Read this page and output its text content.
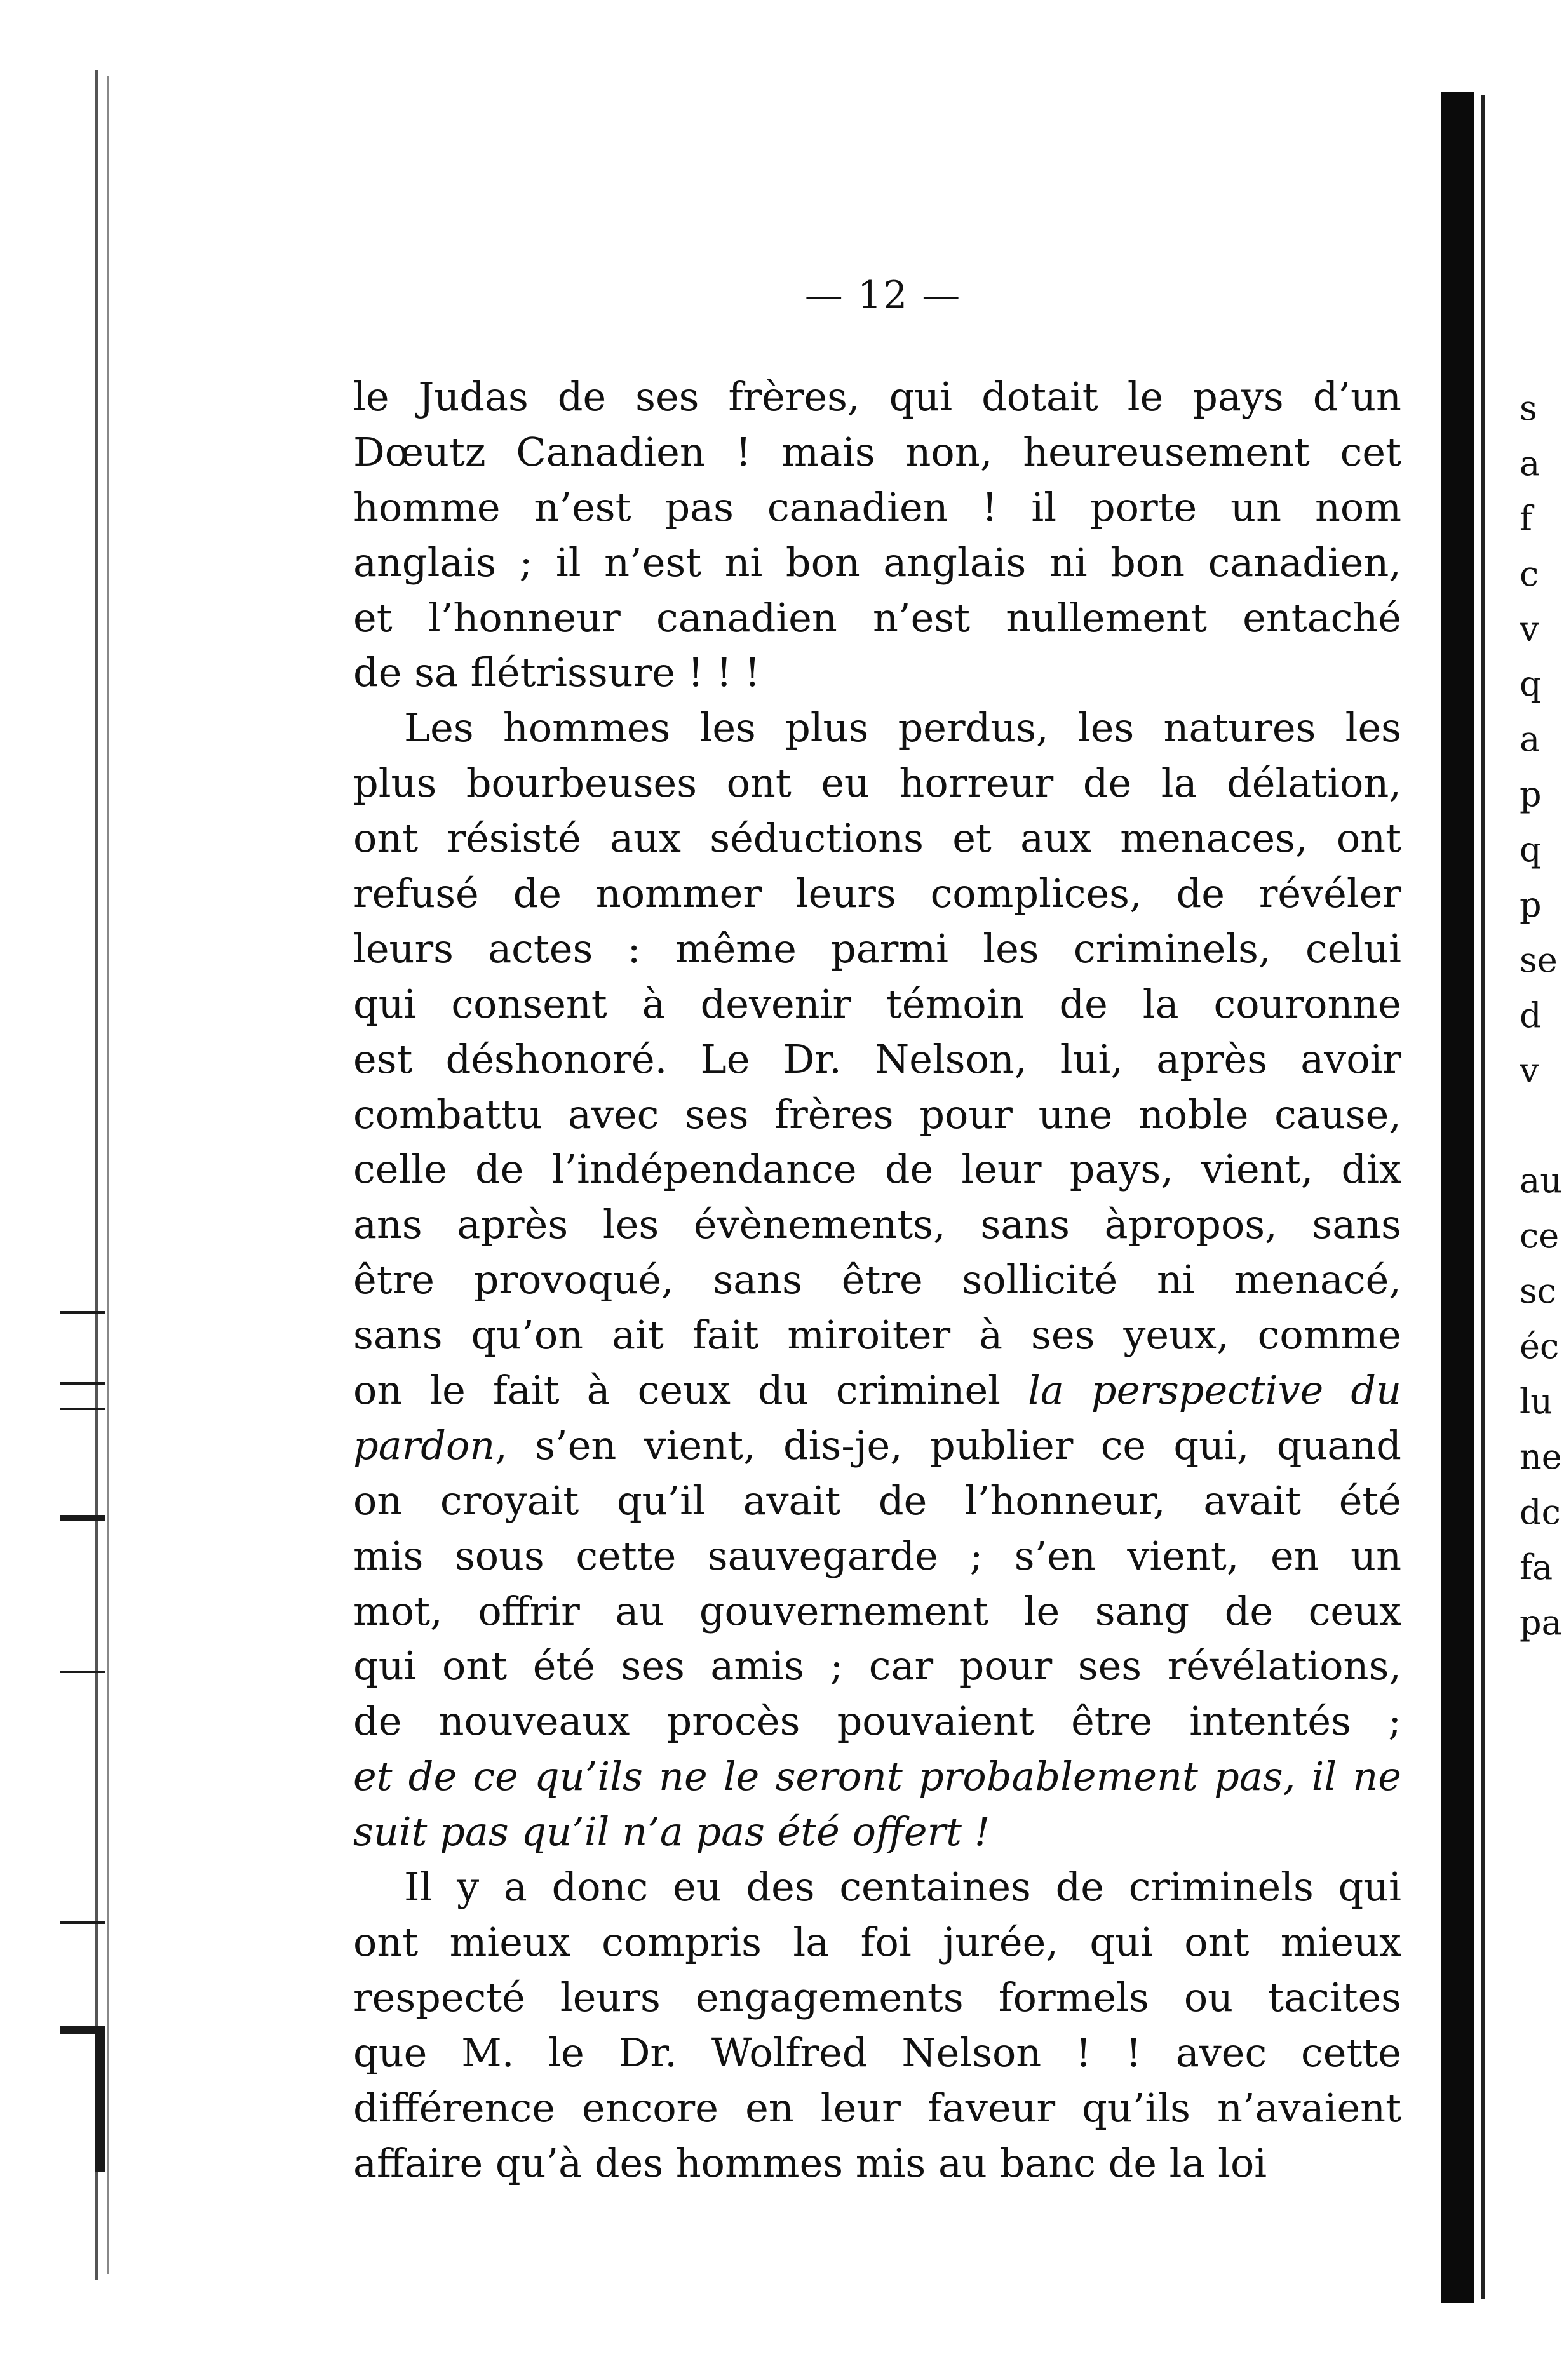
s
a
f
c
v
q
a
p
q
p
se
d
v
au
ce
sc
éc
lu
ne
dc
fa
pa
— 12 —
le Judas de ses frères, qui dotait le pays d’un
Dœutz Canadien ! mais non, heureusement cet
homme n’est pas canadien ! il porte un nom
anglais ; il n’est ni bon anglais ni bon canadien,
et l’honneur canadien n’est nullement entaché
de sa flétrissure ! ! !
Les hommes les plus perdus, les natures les
plus bourbeuses ont eu horreur de la délation,
ont résisté aux séductions et aux menaces, ont
refusé de nommer leurs complices, de révéler
leurs actes : même parmi les criminels, celui
qui consent à devenir témoin de la couronne
est déshonoré. Le Dr. Nelson, lui, après avoir
combattu avec ses frères pour une noble cause,
celle de l’indépendance de leur pays, vient, dix
ans après les évènements, sans àpropos, sans
être provoqué, sans être sollicité ni menacé,
sans qu’on ait fait miroiter à ses yeux, comme
on le fait à ceux du criminel la perspective du
pardon, s’en vient, dis-je, publier ce qui, quand
on croyait qu’il avait de l’honneur, avait été
mis sous cette sauvegarde ; s’en vient, en un
mot, offrir au gouvernement le sang de ceux
qui ont été ses amis ; car pour ses révélations,
de nouveaux procès pouvaient être intentés ;
et de ce qu’ils ne le seront probablement pas, il ne
suit pas qu’il n’a pas été offert !
Il y a donc eu des centaines de criminels qui
ont mieux compris la foi jurée, qui ont mieux
respecté leurs engagements formels ou tacites
que M. le Dr. Wolfred Nelson ! ! avec cette
différence encore en leur faveur qu’ils n’avaient
affaire qu’à des hommes mis au banc de la loi
